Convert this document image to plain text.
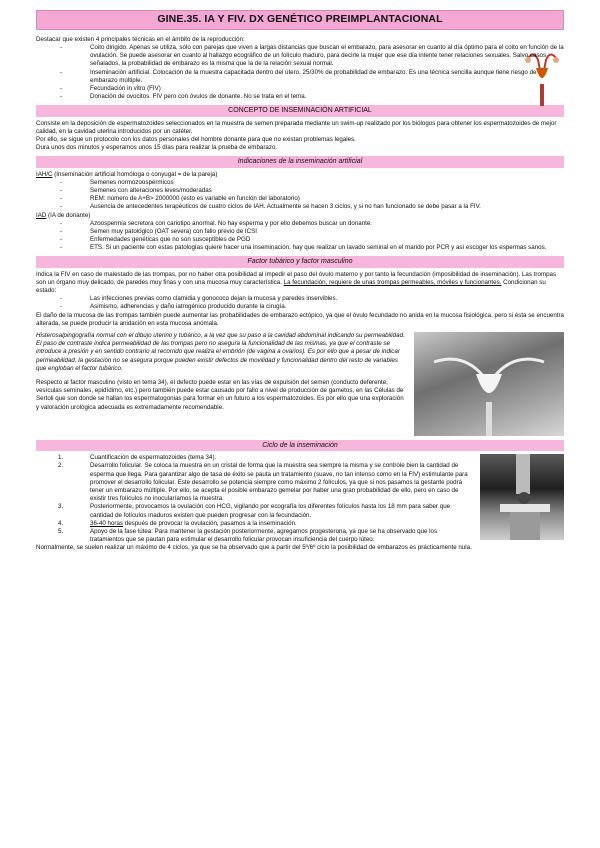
GINE.35. IA Y FIV. DX GENÉTICO PREIMPLANTACIONAL

Destacar que existen 4 principales técnicas en el ámbito de la reproducción:

- Coito dirigido. Apenas se utiliza, sólo con parejas que viven a largas distancias que buscan el embarazo, para asesorar en cuanto al día óptimo para el coito en función de la ovulación. Se puede asesorar en cuanto al hallazgo ecográfico de un folículo maduro, para decirle la mujer que ese día intente tener relaciones sexuales. Salvo casos señalados, la probabilidad de embarazo es la misma que la de la relación sexual normal.
- Inseminación artificial. Colocación de la muestra capacitada dentro del útero. 25/30% de probabilidad de embarazo. Es una técnica sencilla aunque tiene riesgo de embarazo múltiple.
- Fecundación in vitro (FIV)
- Donación de ovocitos. FIV pero con óvulos de donante. No se trata en el tema.
CONCEPTO DE INSEMINACIÓN ARTIFICIAL

Consiste en la deposición de espermatozoides seleccionados en la muestra de semen preparada mediante un swim-up realizado por los biólogos para obtener los espermatozoides de mejor calidad, en la cavidad uterina introducidos por un catéter.

Por ello, se sigue un protocolo con los datos personales del hombre donante para que no existan problemas legales.

Dura unos dos minutos y esperamos unos 15 días para realizar la prueba de embarazo.

Indicaciones de la inseminación artificial

IAH/C (Inseminación artificial homóloga o conyugal = de la pareja)

- Semenes normozoospérmicos
- Semenes con alteraciones leves/moderadas
- REM: número de A+B> 2000000 (esto es variable en función del laboratorio)
- Ausencia de antecedentes terapéuticos de cuatro ciclos de IAH. Actualmente se hacen 3 ciclos, y si no han funcionado se debe pasar a la FIV.

IAD (IA de donante)

- Azoospermia secretora con cariotipo anormal. No hay esperma y por ello debemos buscar un donante.
- Semen muy patológico (OAT severa) con fallo previo de ICSI
- Enfermedades genéticas que no son susceptibles de PGD
- ETS. Si un paciente con estas patologías quiere hacer una inseminación, hay que realizar un lavado seminal en el marido por PCR y así escoger los espermas sanos.
Factor tubárico y factor masculino

Indica la FIV en caso de malestado de las trompas, por no haber otra posibilidad al impedir el paso del óvulo materno y por tanto la fecundación (imposibilidad de inseminación). Las trompas son un órgano muy delicado, de paredes muy finas y con una mucosa muy característica. La fecundación, requiere de unas trompas permeables, móviles y funcionantes. Condicionan su estado:

- Las infecciones previas como clamidia y gonococo dejan la mucosa y paredes inservibles.
- Asimismo, adherencias y daño iatrogénico producido durante la cirugía.

El daño de la mucosa de las trompas también puede aumentar las probabilidades de embarazo ectópico, ya que el óvulo fecundado no anida en la mucosa fisiológica, pero si ésta se encuentra alterada, se puede producir la anidación en esta mucosa anómala.

Histerosalpingografía normal con el dibujo uterino y tubárico, a la vez que su paso a la cavidad abdominal indicando su permeabilidad. El paso de contraste indica permeabilidad de las trompas pero no asegura la funcionalidad de las mismas, ya que el contraste se introduce a presión y en sentido contrario al recorrido que realiza el embrión (de vagina a ovarios). Es por ello que a pesar de indicar permeabilidad, la gestación no se asegura porque pueden existir defectos de movilidad y funcionalidad dentro del resto de variables que engloban el factor tubárico.

Respecto al factor masculino (visto en tema 34), el defecto puede estar en las vías de expulsión del semen (conducto deferente, vesículas seminales, epidídimo, etc.) pero también puede estar causado por fallo a nivel de producción de gametos, en las Células de Sertoli que son donde se hallan los espermatogonias para formar en un futuro a los espermatozoides. Es por ello que una exploración y valoración urológica adecuada es extremadamente recomendable.

Ciclo de la inseminación
1.	Cuantificación de espermatozoides (tema 34).
2.	Desarrollo folicular. Se coloca la muestra en un cristal de forma que la muestra sea siempre la misma y se controle bien la cantidad de esperma que llega. Para garantizar algo de tasa de éxito se pauta un tratamiento (suave, no tan intenso como en la FIV) estimulante para promover el desarrollo folicular. Este desarrollo se potencia siempre como máximo 2 folículos, ya que si nos pasamos la gestante podrá tener un embarazo múltiple. Por ello, se acepta el posible embarazo gemelar por haber una gran probabilidad de ello, pero en caso de existir tres folículos no inocularíamos la muestra.
3.	Posteriormente, provocamos la ovulación con HCG, vigilando por ecografía los diferentes folículos hasta los 18 mm para saber que cantidad de folículos maduros existen que pueden progresar con la fecundación.
4.	36-40 horas después de provocar la ovulación, pasamos a la inseminación.
5.	Apoyo de la fase lútea: Para mantener la gestación posteriormente, agregamos progesterona, ya que se ha observado que los tratamientos que se pautan para estimular el desarrollo folicular provocan insuficiencia del cuerpo lúteo.

Normalmente, se suelen realizar un máximo de 4 ciclos, ya que se ha observado que a partir del 5º/6º ciclo la posibilidad de embarazos es prácticamente nula.
